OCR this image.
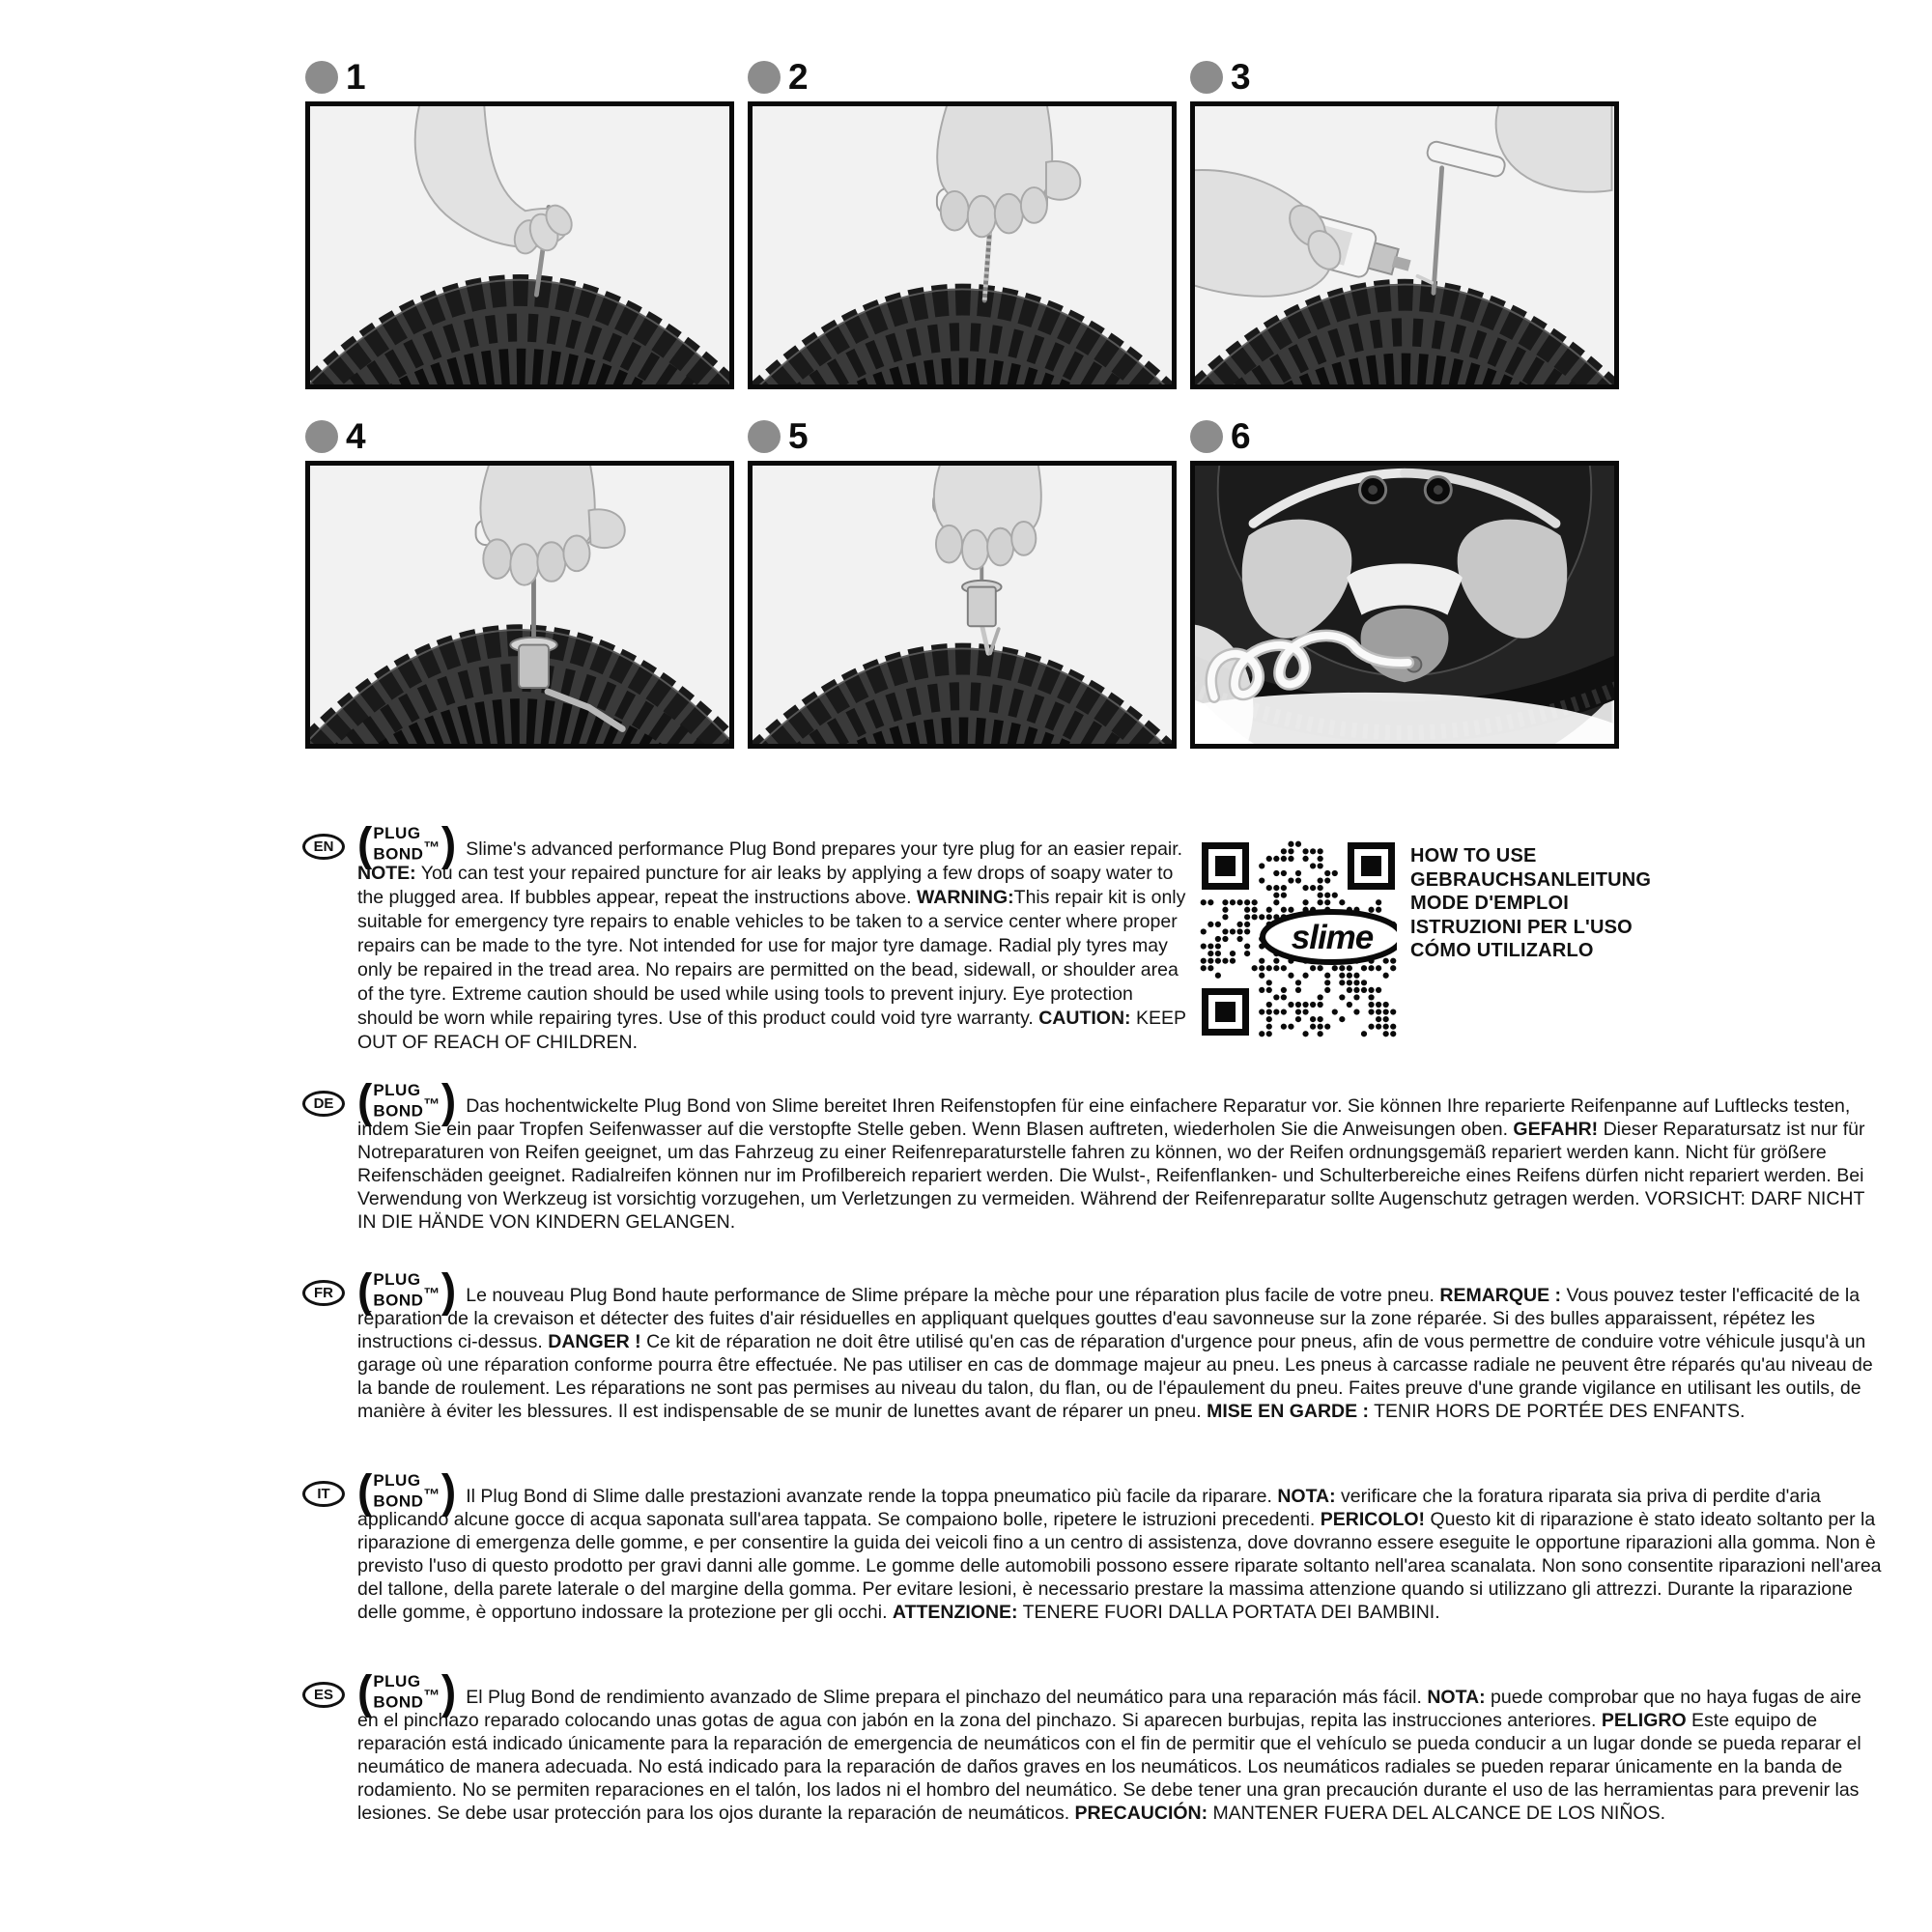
1	2	3
4	5	6
slime
HOW TO USE
GEBRAUCHSANLEITUNG
MODE D'EMPLOI
ISTRUZIONI PER L'USO
CÓMO UTILIZARLO
EN ( PLUG
BOND™ ) Slime's advanced performance Plug Bond prepares your tyre plug for an easier repair. NOTE: You can test your repaired puncture for air leaks by applying a few drops of soapy water to the plugged area. If bubbles appear, repeat the instructions above. WARNING:This repair kit is only suitable for emergency tyre repairs to enable vehicles to be taken to a service center where proper repairs can be made to the tyre. Not intended for use for major tyre damage. Radial ply tyres may only be repaired in the tread area. No repairs are permitted on the bead, sidewall, or shoulder area of the tyre. Extreme caution should be used while using tools to prevent injury. Eye protection should be worn while repairing tyres. Use of this product could void tyre warranty. CAUTION: KEEP OUT OF REACH OF CHILDREN.
DE ( PLUG
BOND™ ) Das hochentwickelte Plug Bond von Slime bereitet Ihren Reifenstopfen für eine einfachere Reparatur vor. Sie können Ihre reparierte Reifenpanne auf Luftlecks testen, indem Sie ein paar Tropfen Seifenwasser auf die verstopfte Stelle geben. Wenn Blasen auftreten, wiederholen Sie die Anweisungen oben. GEFAHR! Dieser Reparatursatz ist nur für Notreparaturen von Reifen geeignet, um das Fahrzeug zu einer Reifenreparaturstelle fahren zu können, wo der Reifen ordnungsgemäß repariert werden kann. Nicht für größere Reifenschäden geeignet. Radialreifen können nur im Profilbereich repariert werden. Die Wulst-, Reifenflanken- und Schulterbereiche eines Reifens dürfen nicht repariert werden. Bei Verwendung von Werkzeug ist vorsichtig vorzugehen, um Verletzungen zu vermeiden. Während der Reifenreparatur sollte Augenschutz getragen werden. VORSICHT: DARF NICHT IN DIE HÄNDE VON KINDERN GELANGEN.
FR ( PLUG
BOND™ ) Le nouveau Plug Bond haute performance de Slime prépare la mèche pour une réparation plus facile de votre pneu. REMARQUE : Vous pouvez tester l'efficacité de la réparation de la crevaison et détecter des fuites d'air résiduelles en appliquant quelques gouttes d'eau savonneuse sur la zone réparée. Si des bulles apparaissent, répétez les instructions ci-dessus. DANGER ! Ce kit de réparation ne doit être utilisé qu'en cas de réparation d'urgence pour pneus, afin de vous permettre de conduire votre véhicule jusqu'à un garage où une réparation conforme pourra être effectuée. Ne pas utiliser en cas de dommage majeur au pneu. Les pneus à carcasse radiale ne peuvent être réparés qu'au niveau de la bande de roulement. Les réparations ne sont pas permises au niveau du talon, du flan, ou de l'épaulement du pneu. Faites preuve d'une grande vigilance en utilisant les outils, de manière à éviter les blessures. Il est indispensable de se munir de lunettes avant de réparer un pneu. MISE EN GARDE : TENIR HORS DE PORTÉE DES ENFANTS.
IT ( PLUG
BOND™ ) Il Plug Bond di Slime dalle prestazioni avanzate rende la toppa pneumatico più facile da riparare. NOTA: verificare che la foratura riparata sia priva di perdite d'aria applicando alcune gocce di acqua saponata sull'area tappata. Se compaiono bolle, ripetere le istruzioni precedenti. PERICOLO! Questo kit di riparazione è stato ideato soltanto per la riparazione di emergenza delle gomme, e per consentire la guida dei veicoli fino a un centro di assistenza, dove dovranno essere eseguite le opportune riparazioni alla gomma. Non è previsto l'uso di questo prodotto per gravi danni alle gomme. Le gomme delle automobili possono essere riparate soltanto nell'area scanalata. Non sono consentite riparazioni nell'area del tallone, della parete laterale o del margine della gomma. Per evitare lesioni, è necessario prestare la massima attenzione quando si utilizzano gli attrezzi. Durante la riparazione delle gomme, è opportuno indossare la protezione per gli occhi. ATTENZIONE: TENERE FUORI DALLA PORTATA DEI BAMBINI.
ES ( PLUG
BOND™ ) El Plug Bond de rendimiento avanzado de Slime prepara el pinchazo del neumático para una reparación más fácil. NOTA: puede comprobar que no haya fugas de aire en el pinchazo reparado colocando unas gotas de agua con jabón en la zona del pinchazo. Si aparecen burbujas, repita las instrucciones anteriores. PELIGRO Este equipo de reparación está indicado únicamente para la reparación de emergencia de neumáticos con el fin de permitir que el vehículo se pueda conducir a un lugar donde se pueda reparar el neumático de manera adecuada. No está indicado para la reparación de daños graves en los neumáticos. Los neumáticos radiales se pueden reparar únicamente en la banda de rodamiento. No se permiten reparaciones en el talón, los lados ni el hombro del neumático. Se debe tener una gran precaución durante el uso de las herramientas para prevenir las lesiones. Se debe usar protección para los ojos durante la reparación de neumáticos. PRECAUCIÓN: MANTENER FUERA DEL ALCANCE DE LOS NIÑOS.
